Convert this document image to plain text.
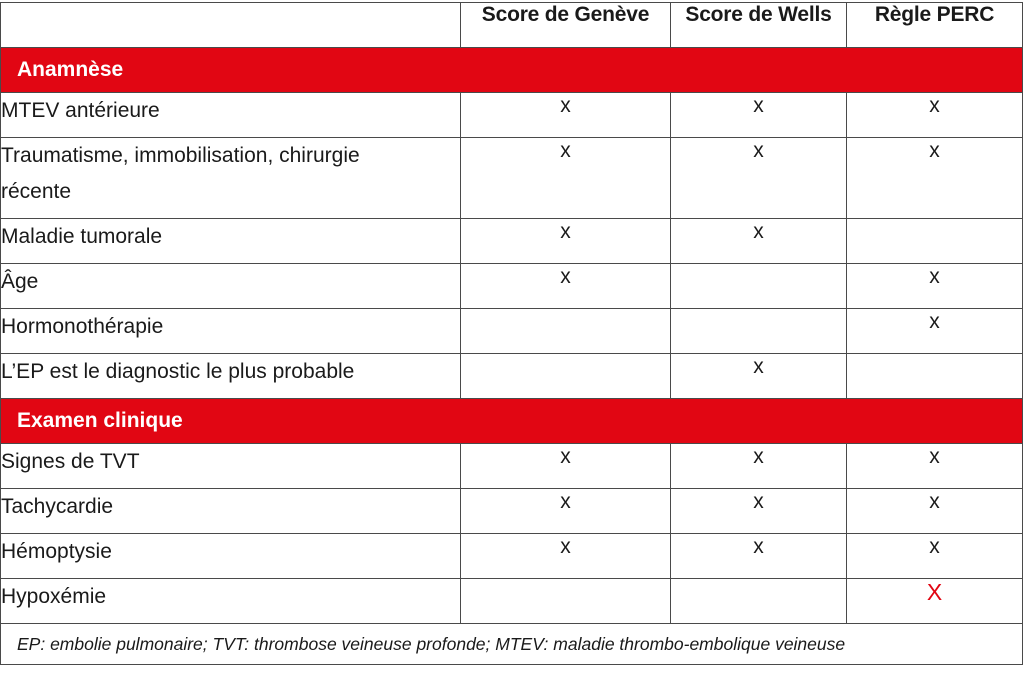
	Score de Genève	Score de Wells	Règle PERC
Anamnèse			
MTEV antérieure	x	x	x
Traumatisme, immobilisation, chirurgie récente	x	x	x
Maladie tumorale	x	x	
Âge	x		x
Hormonothérapie			x
L’EP est le diagnostic le plus probable		x	
Examen clinique			
Signes de TVT	x	x	x
Tachycardie	x	x	x
Hémoptysie	x	x	x
Hypoxémie			X
EP: embolie pulmonaire; TVT: thrombose veineuse profonde; MTEV: maladie thrombo-embolique veineuse			
